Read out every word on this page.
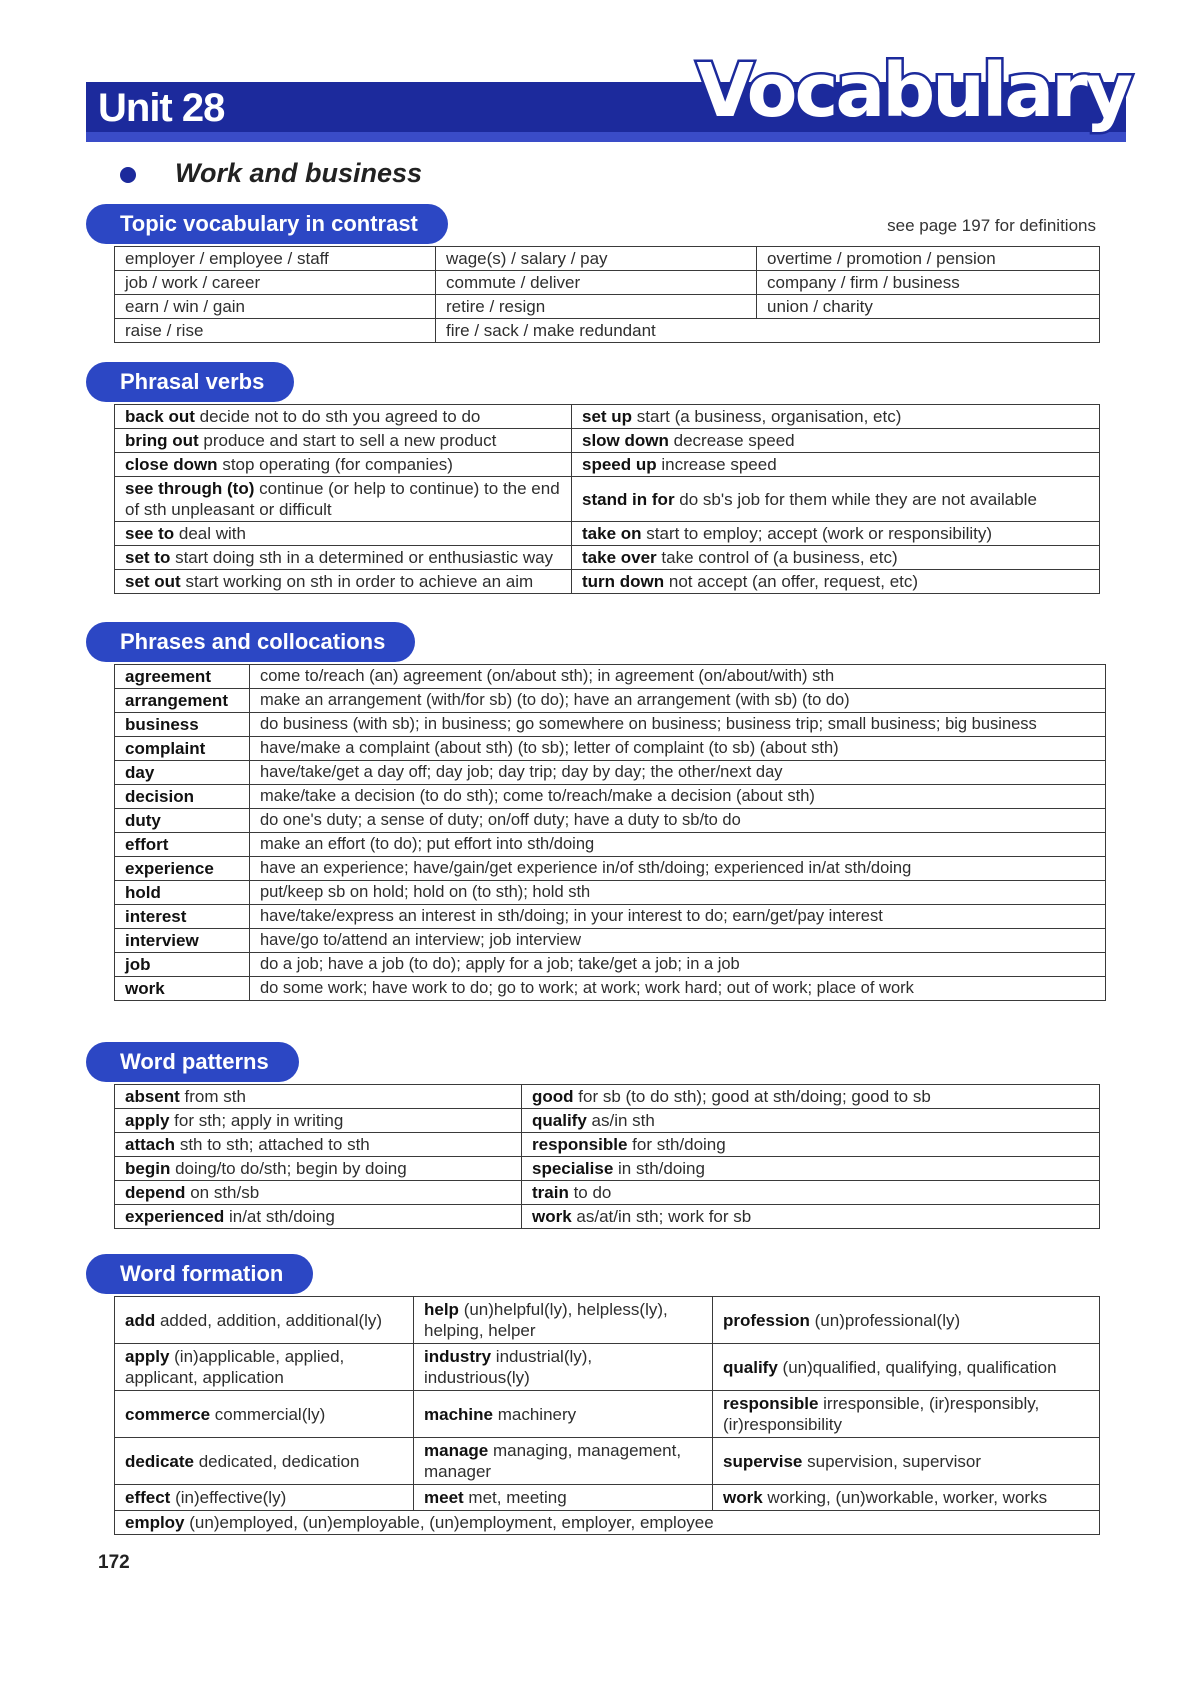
Unit 28	Vocabulary
Work and business
Topic vocabulary in contrast	see page 197 for definitions
employer / employee / staff	wage(s) / salary / pay	overtime / promotion / pension
job / work / career	commute / deliver	company / firm / business
earn / win / gain	retire / resign	union / charity
raise / rise	fire / sack / make redundant	
Phrasal verbs
back out decide not to do sth you agreed to do	set up start (a business, organisation, etc)
bring out produce and start to sell a new product	slow down decrease speed
close down stop operating (for companies)	speed up increase speed
see through (to) continue (or help to continue) to the end of sth unpleasant or difficult	stand in for do sb's job for them while they are not available
see to deal with	take on start to employ; accept (work or responsibility)
set to start doing sth in a determined or enthusiastic way	take over take control of (a business, etc)
set out start working on sth in order to achieve an aim	turn down not accept (an offer, request, etc)
Phrases and collocations
agreement	come to/reach (an) agreement (on/about sth); in agreement (on/about/with) sth
arrangement	make an arrangement (with/for sb) (to do); have an arrangement (with sb) (to do)
business	do business (with sb); in business; go somewhere on business; business trip; small business; big business
complaint	have/make a complaint (about sth) (to sb); letter of complaint (to sb) (about sth)
day	have/take/get a day off; day job; day trip; day by day; the other/next day
decision	make/take a decision (to do sth); come to/reach/make a decision (about sth)
duty	do one's duty; a sense of duty; on/off duty; have a duty to sb/to do
effort	make an effort (to do); put effort into sth/doing
experience	have an experience; have/gain/get experience in/of sth/doing; experienced in/at sth/doing
hold	put/keep sb on hold; hold on (to sth); hold sth
interest	have/take/express an interest in sth/doing; in your interest to do; earn/get/pay interest
interview	have/go to/attend an interview; job interview
job	do a job; have a job (to do); apply for a job; take/get a job; in a job
work	do some work; have work to do; go to work; at work; work hard; out of work; place of work
Word patterns
absent from sth	good for sb (to do sth); good at sth/doing; good to sb
apply for sth; apply in writing	qualify as/in sth
attach sth to sth; attached to sth	responsible for sth/doing
begin doing/to do/sth; begin by doing	specialise in sth/doing
depend on sth/sb	train to do
experienced in/at sth/doing	work as/at/in sth; work for sb
Word formation
add added, addition, additional(ly)	help (un)helpful(ly), helpless(ly), helping, helper	profession (un)professional(ly)
apply (in)applicable, applied, applicant, application	industry industrial(ly), industrious(ly)	qualify (un)qualified, qualifying, qualification
commerce commercial(ly)	machine machinery	responsible irresponsible, (ir)responsibly, (ir)responsibility
dedicate dedicated, dedication	manage managing, management, manager	supervise supervision, supervisor
effect (in)effective(ly)	meet met, meeting	work working, (un)workable, worker, works
employ (un)employed, (un)employable, (un)employment, employer, employee		
172
